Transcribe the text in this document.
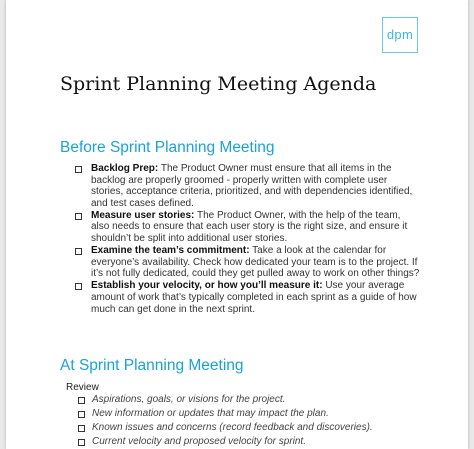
dpm
Sprint Planning Meeting Agenda
Before Sprint Planning Meeting
Backlog Prep: The Product Owner must ensure that all items in the backlog are properly groomed - properly written with complete user stories, acceptance criteria, prioritized, and with dependencies identified, and test cases defined.
Measure user stories: The Product Owner, with the help of the team, also needs to ensure that each user story is the right size, and ensure it shouldn’t be split into additional user stories.
Examine the team’s commitment: Take a look at the calendar for everyone’s availability. Check how dedicated your team is to the project. If it’s not fully dedicated, could they get pulled away to work on other things?
Establish your velocity, or how you’ll measure it: Use your average amount of work that’s typically completed in each sprint as a guide of how much can get done in the next sprint.
At Sprint Planning Meeting

Review

Aspirations, goals, or visions for the project.
New information or updates that may impact the plan.
Known issues and concerns (record feedback and discoveries).
Current velocity and proposed velocity for sprint.
